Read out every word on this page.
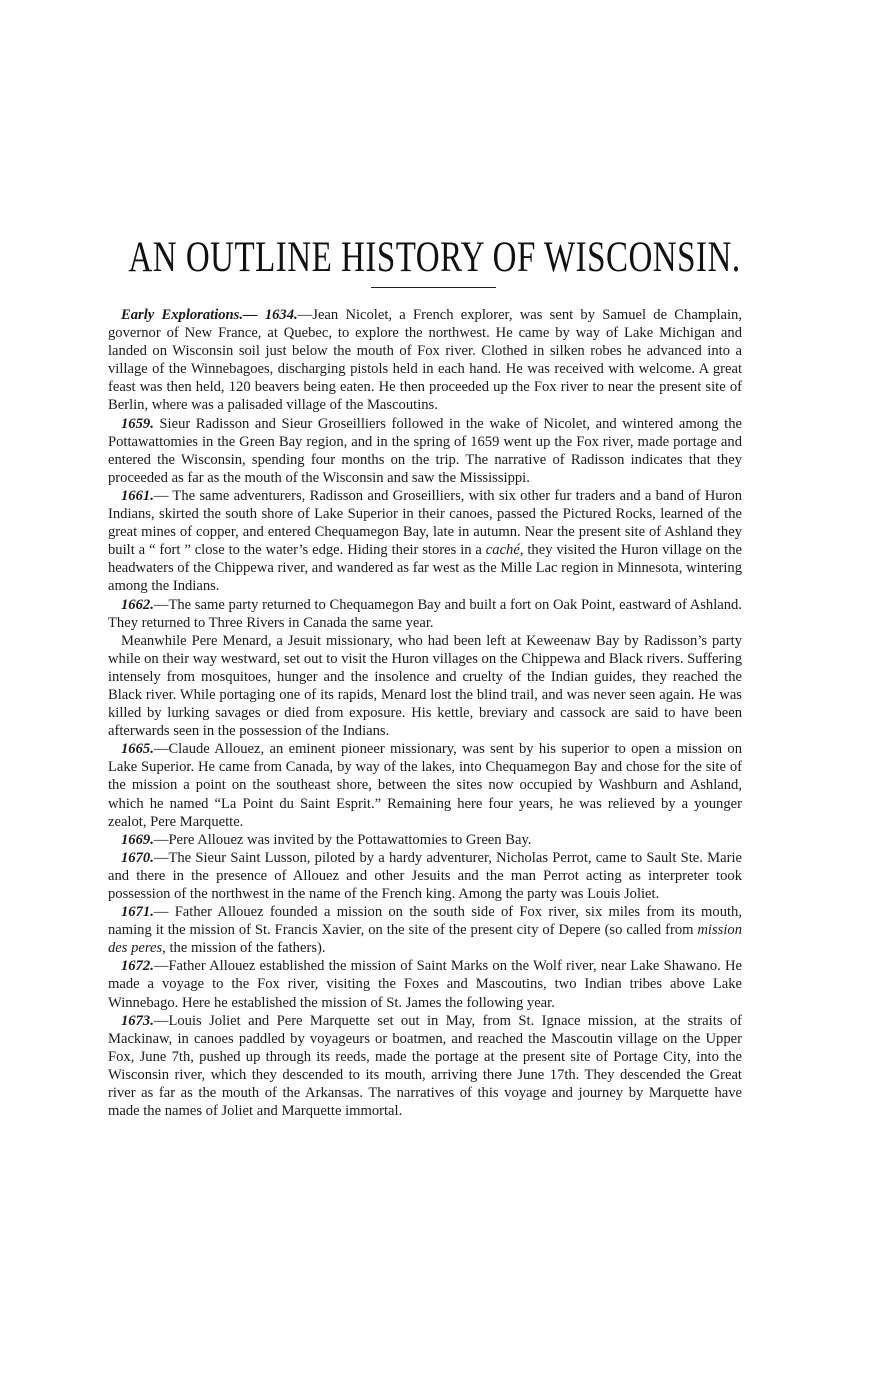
AN OUTLINE HISTORY OF WISCONSIN.

Early Explorations.— 1634.—Jean Nicolet, a French explorer, was sent by Samuel de Champlain, governor of New France, at Quebec, to explore the northwest. He came by way of Lake Michigan and landed on Wisconsin soil just below the mouth of Fox river. Clothed in silken robes he advanced into a village of the Winnebagoes, discharging pistols held in each hand. He was received with welcome. A great feast was then held, 120 beavers being eaten. He then proceeded up the Fox river to near the present site of Berlin, where was a palisaded village of the Mascoutins.

1659. Sieur Radisson and Sieur Groseilliers followed in the wake of Nicolet, and wintered among the Pottawattomies in the Green Bay region, and in the spring of 1659 went up the Fox river, made portage and entered the Wisconsin, spending four months on the trip. The narrative of Radisson indicates that they proceeded as far as the mouth of the Wisconsin and saw the Mississippi.

1661.— The same adventurers, Radisson and Groseilliers, with six other fur traders and a band of Huron Indians, skirted the south shore of Lake Superior in their canoes, passed the Pictured Rocks, learned of the great mines of copper, and entered Chequamegon Bay, late in autumn. Near the present site of Ashland they built a “ fort ” close to the water’s edge. Hiding their stores in a caché, they visited the Huron village on the headwaters of the Chippewa river, and wandered as far west as the Mille Lac region in Minnesota, wintering among the Indians.

1662.—The same party returned to Chequamegon Bay and built a fort on Oak Point, eastward of Ashland. They returned to Three Rivers in Canada the same year.

Meanwhile Pere Menard, a Jesuit missionary, who had been left at Keweenaw Bay by Radisson’s party while on their way westward, set out to visit the Huron villages on the Chippewa and Black rivers. Suffering intensely from mosquitoes, hunger and the insolence and cruelty of the Indian guides, they reached the Black river. While portaging one of its rapids, Menard lost the blind trail, and was never seen again. He was killed by lurking savages or died from exposure. His kettle, breviary and cassock are said to have been afterwards seen in the possession of the Indians.

1665.—Claude Allouez, an eminent pioneer missionary, was sent by his superior to open a mission on Lake Superior. He came from Canada, by way of the lakes, into Chequamegon Bay and chose for the site of the mission a point on the southeast shore, between the sites now occupied by Washburn and Ashland, which he named “La Point du Saint Esprit.” Remaining here four years, he was relieved by a younger zealot, Pere Marquette.

1669.—Pere Allouez was invited by the Pottawattomies to Green Bay.

1670.—The Sieur Saint Lusson, piloted by a hardy adventurer, Nicholas Perrot, came to Sault Ste. Marie and there in the presence of Allouez and other Jesuits and the man Perrot acting as interpreter took possession of the northwest in the name of the French king. Among the party was Louis Joliet.

1671.— Father Allouez founded a mission on the south side of Fox river, six miles from its mouth, naming it the mission of St. Francis Xavier, on the site of the present city of Depere (so called from mission des peres, the mission of the fathers).

1672.—Father Allouez established the mission of Saint Marks on the Wolf river, near Lake Shawano. He made a voyage to the Fox river, visiting the Foxes and Mascoutins, two Indian tribes above Lake Winnebago. Here he established the mission of St. James the following year.

1673.—Louis Joliet and Pere Marquette set out in May, from St. Ignace mission, at the straits of Mackinaw, in canoes paddled by voyageurs or boatmen, and reached the Mascoutin village on the Upper Fox, June 7th, pushed up through its reeds, made the portage at the present site of Portage City, into the Wisconsin river, which they descended to its mouth, arriving there June 17th. They descended the Great river as far as the mouth of the Arkansas. The narratives of this voyage and journey by Marquette have made the names of Joliet and Marquette immortal.
